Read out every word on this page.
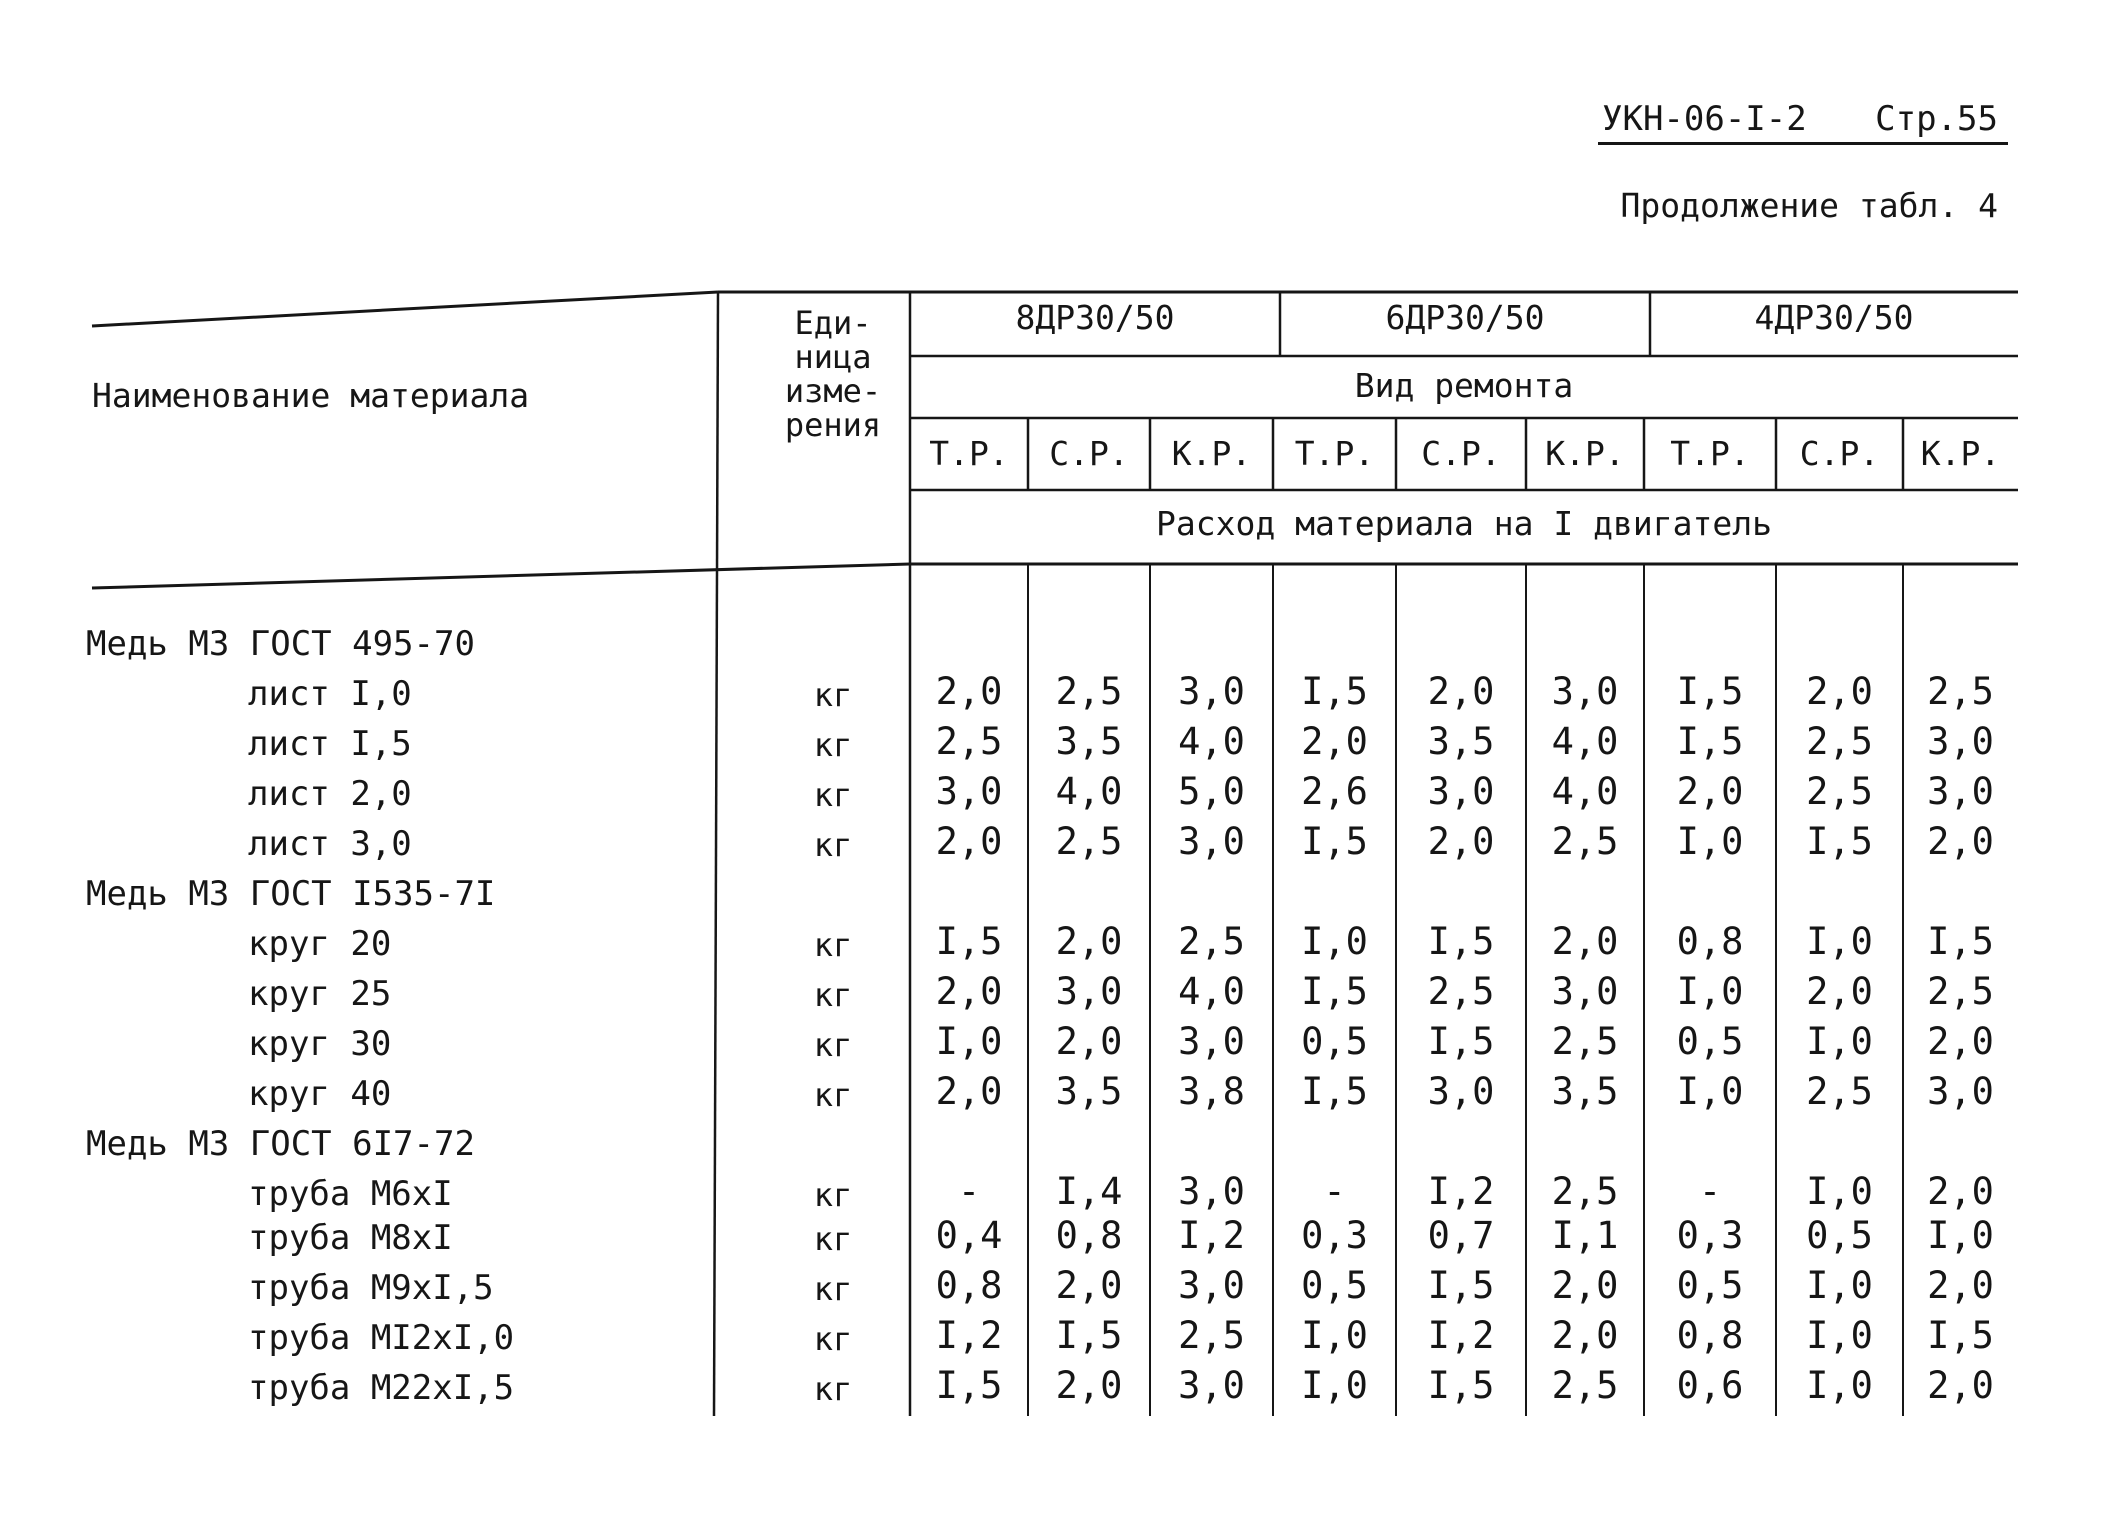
УКН-06-I-2 Стр.55
Продолжение табл. 4
Наименование материала
Еди-
ница
изме-
рения
8ДР30/50	6ДР30/50	4ДР30/50
Вид ремонта
Т.Р.	С.Р.	К.Р.	Т.Р.	С.Р.	К.Р.	Т.Р.	С.Р.	К.Р.
Расход материала на I двигатель
Медь М3 ГОСТ 495-70
лист I,0	кг	2,0	2,5	3,0	I,5	2,0	3,0	I,5	2,0	2,5
лист I,5	кг	2,5	3,5	4,0	2,0	3,5	4,0	I,5	2,5	3,0
лист 2,0	кг	3,0	4,0	5,0	2,6	3,0	4,0	2,0	2,5	3,0
лист 3,0	кг	2,0	2,5	3,0	I,5	2,0	2,5	I,0	I,5	2,0
Медь М3 ГОСТ I535-7I
круг 20	кг	I,5	2,0	2,5	I,0	I,5	2,0	0,8	I,0	I,5
круг 25	кг	2,0	3,0	4,0	I,5	2,5	3,0	I,0	2,0	2,5
круг 30	кг	I,0	2,0	3,0	0,5	I,5	2,5	0,5	I,0	2,0
круг 40	кг	2,0	3,5	3,8	I,5	3,0	3,5	I,0	2,5	3,0
Медь М3 ГОСТ 6I7-72
труба М6хI	кг	-	I,4	3,0	-	I,2	2,5	-	I,0	2,0
труба М8хI	кг	0,4	0,8	I,2	0,3	0,7	I,1	0,3	0,5	I,0
труба М9хI,5	кг	0,8	2,0	3,0	0,5	I,5	2,0	0,5	I,0	2,0
труба МI2хI,0	кг	I,2	I,5	2,5	I,0	I,2	2,0	0,8	I,0	I,5
труба М22хI,5	кг	I,5	2,0	3,0	I,0	I,5	2,5	0,6	I,0	2,0
